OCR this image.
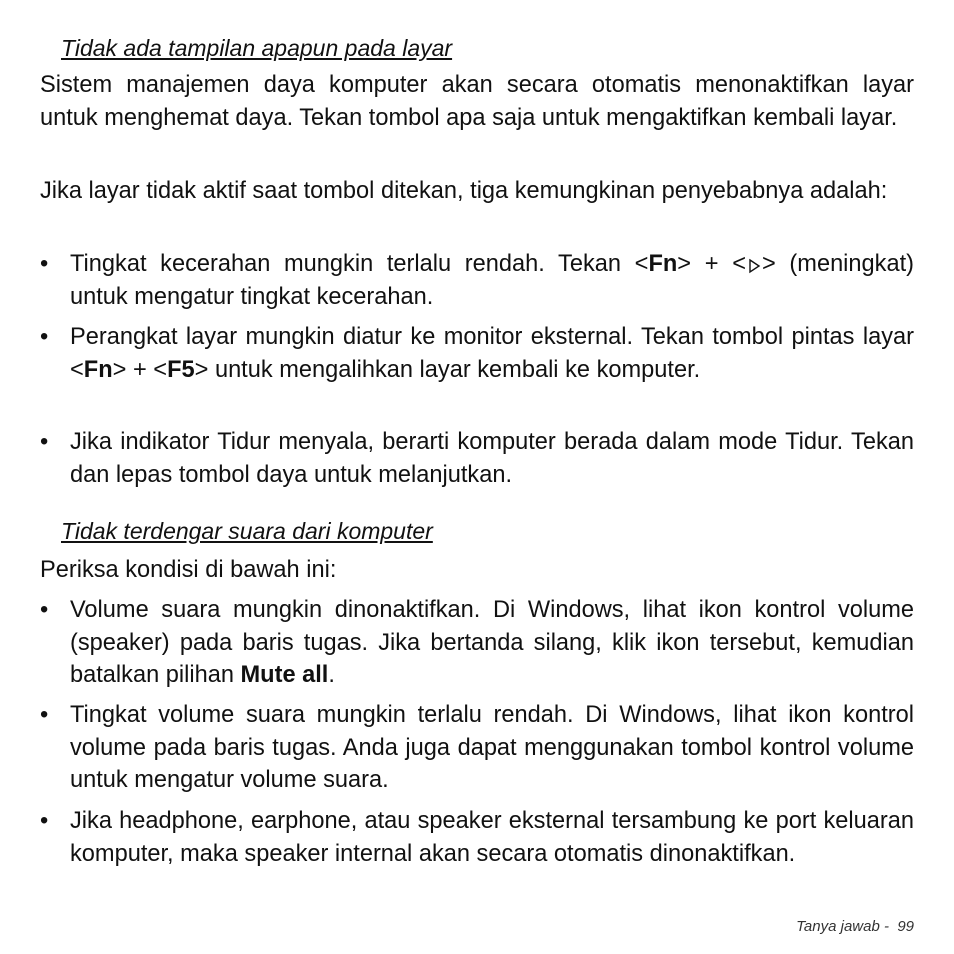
Tidak ada tampilan apapun pada layar

Sistem manajemen daya komputer akan secara otomatis menonaktifkan layar untuk menghemat daya. Tekan tombol apa saja untuk mengaktifkan kembali layar.

Jika layar tidak aktif saat tombol ditekan, tiga kemungkinan penyebabnya adalah:

• Tingkat kecerahan mungkin terlalu rendah. Tekan <Fn> + < > (meningkat) untuk mengatur tingkat kecerahan.

• Perangkat layar mungkin diatur ke monitor eksternal. Tekan tombol pintas layar <Fn> + <F5> untuk mengalihkan layar kembali ke komputer.

• Jika indikator Tidur menyala, berarti komputer berada dalam mode Tidur. Tekan dan lepas tombol daya untuk melanjutkan.

Tidak terdengar suara dari komputer

Periksa kondisi di bawah ini:

• Volume suara mungkin dinonaktifkan. Di Windows, lihat ikon kontrol volume (speaker) pada baris tugas. Jika bertanda silang, klik ikon tersebut, kemudian batalkan pilihan Mute all.

• Tingkat volume suara mungkin terlalu rendah. Di Windows, lihat ikon kontrol volume pada baris tugas. Anda juga dapat menggunakan tombol kontrol volume untuk mengatur volume suara.

• Jika headphone, earphone, atau speaker eksternal tersambung ke port keluaran komputer, maka speaker internal akan secara otomatis dinonaktifkan.

Tanya jawab - 99
